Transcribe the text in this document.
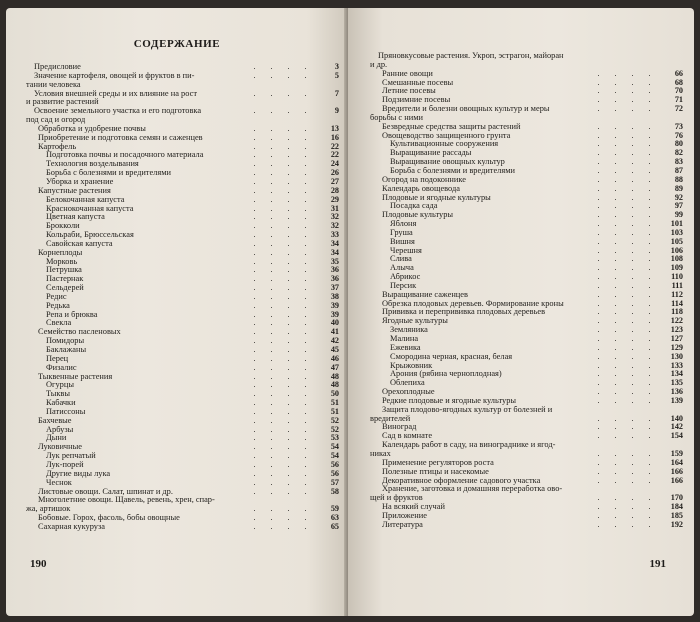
СОДЕРЖАНИЕ
Предисловие	. . . .	3
Значение картофеля, овощей и фруктов в пи-	. . . .	5
тании человека
Условия внешней среды и их влияние на рост	. . . .	7
и развитие растений
Освоение земельного участка и его подготовка	. . . .	9
под сад и огород
Обработка и удобрение почвы	. . . .	13
Приобретение и подготовка семян и саженцев	. . . .	16
Картофель	. . . .	22
Подготовка почвы и посадочного материала	. . . .	22
Технология возделывания	. . . .	24
Борьба с болезнями и вредителями	. . . .	26
Уборка и хранение	. . . .	27
Капустные растения	. . . .	28
Белокочанная капуста	. . . .	29
Краснокочанная капуста	. . . .	31
Цветная капуста	. . . .	32
Брокколи	. . . .	32
Кольраби, Брюссельская	. . . .	33
Савойская капуста	. . . .	34
Корнеплоды	. . . .	34
Морковь	. . . .	35
Петрушка	. . . .	36
Пастернак	. . . .	36
Сельдерей	. . . .	37
Редис	. . . .	38
Редька	. . . .	39
Репа и брюква	. . . .	39
Свекла	. . . .	40
Семейство пасленовых	. . . .	41
Помидоры	. . . .	42
Баклажаны	. . . .	45
Перец	. . . .	46
Физалис	. . . .	47
Тыквенные растения	. . . .	48
Огурцы	. . . .	48
Тыквы	. . . .	50
Кабачки	. . . .	51
Патиссоны	. . . .	51
Бахчевые	. . . .	52
Арбузы	. . . .	52
Дыни	. . . .	53
Луковичные	. . . .	54
Лук репчатый	. . . .	54
Лук-порей	. . . .	56
Другие виды лука	. . . .	56
Чеснок	. . . .	57
Листовые овощи. Салат, шпинат и др.	. . . .	58
Многолетние овощи. Щавель, ревень, хрен, спар-
жа, артишок	. . . .	59
Бобовые. Горох, фасоль, бобы овощные	. . . .	63
Сахарная кукуруза	. . . .	65
190
Пряновкусовые растения. Укроп, эстрагон, майоран
и др.
Ранние овощи	. . . .	66
Смешанные посевы	. . . .	68
Летние посевы	. . . .	70
Подзимние посевы	. . . .	71
Вредители и болезни овощных культур и меры	. . . .	72
борьбы с ними
Безвредные средства защиты растений	. . . .	73
Овощеводство защищенного грунта	. . . .	76
Культивационные сооружения	. . . .	80
Выращивание рассады	. . . .	82
Выращивание овощных культур	. . . .	83
Борьба с болезнями и вредителями	. . . .	87
Огород на подоконнике	. . . .	88
Календарь овощевода	. . . .	89
Плодовые и ягодные культуры	. . . .	92
Посадка сада	. . . .	97
Плодовые культуры	. . . .	99
Яблоня	. . . .	101
Груша	. . . .	103
Вишня	. . . .	105
Черешня	. . . .	106
Слива	. . . .	108
Алыча	. . . .	109
Абрикос	. . . .	110
Персик	. . . .	111
Выращивание саженцев	. . . .	112
Обрезка плодовых деревьев. Формирование кроны	. . . .	114
Прививка и перепрививка плодовых деревьев	. . . .	118
Ягодные культуры	. . . .	122
Земляника	. . . .	123
Малина	. . . .	127
Ежевика	. . . .	129
Смородина черная, красная, белая	. . . .	130
Крыжовник	. . . .	133
Арония (рябина черноплодная)	. . . .	134
Облепиха	. . . .	135
Орехоплодные	. . . .	136
Редкие плодовые и ягодные культуры	. . . .	139
Защита плодово-ягодных культур от болезней и
вредителей	. . . .	140
Виноград	. . . .	142
Сад в комнате	. . . .	154
Календарь работ в саду, на винограднике и ягод-
никах	. . . .	159
Применение регуляторов роста	. . . .	164
Полезные птицы и насекомые	. . . .	166
Декоративное оформление садового участка	. . . .	166
Хранение, заготовка и домашняя переработка ово-
щей и фруктов	. . . .	170
На всякий случай	. . . .	184
Приложение	. . . .	185
Литература	. . . .	192
191
